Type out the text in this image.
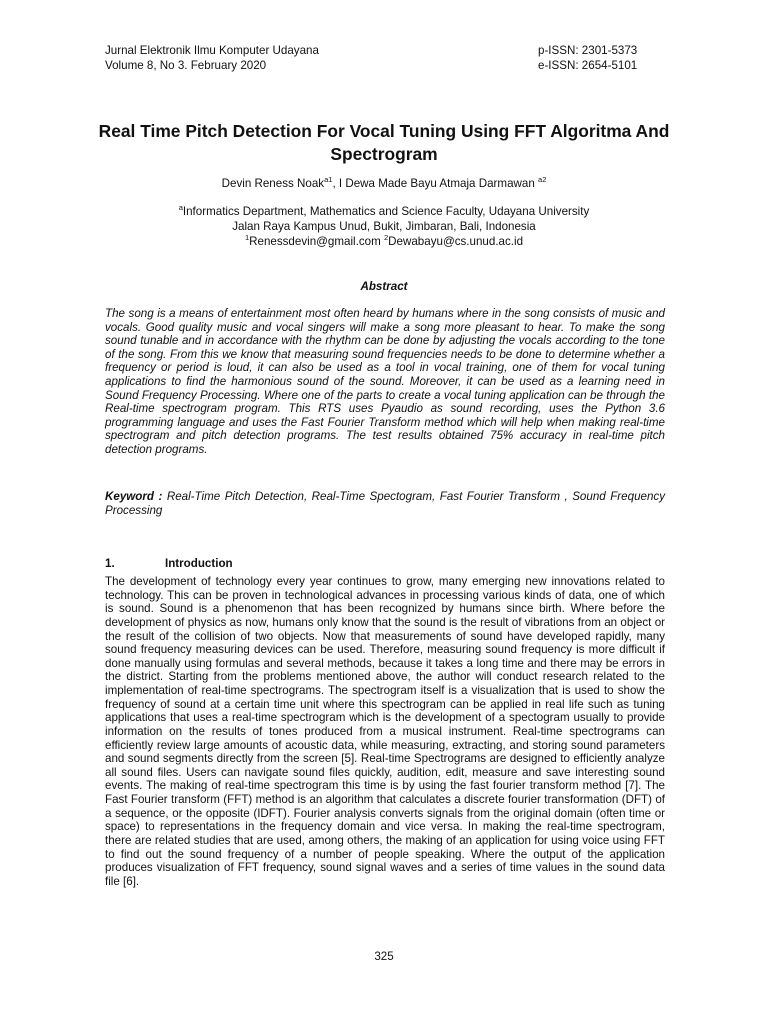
Jurnal Elektronik Ilmu Komputer Udayana	p-ISSN: 2301-5373
Volume 8, No 3. February 2020	e-ISSN: 2654-5101
Real Time Pitch Detection For Vocal Tuning Using FFT Algoritma And Spectrogram
Devin Reness Noak$^{a1}$, I Dewa Made Bayu Atmaja Darmawan $^{a2}$
$^a$Informatics Department, Mathematics and Science Faculty, Udayana University
Jalan Raya Kampus Unud, Bukit, Jimbaran, Bali, Indonesia
$^1$Renessdevin@gmail.com $^2$Dewabayu@cs.unud.ac.id
Abstract
The song is a means of entertainment most often heard by humans where in the song consists of music and vocals. Good quality music and vocal singers will make a song more pleasant to hear. To make the song sound tunable and in accordance with the rhythm can be done by adjusting the vocals according to the tone of the song. From this we know that measuring sound frequencies needs to be done to determine whether a frequency or period is loud, it can also be used as a tool in vocal training, one of them for vocal tuning applications to find the harmonious sound of the sound. Moreover, it can be used as a learning need in Sound Frequency Processing. Where one of the parts to create a vocal tuning application can be through the Real-time spectrogram program. This RTS uses Pyaudio as sound recording, uses the Python 3.6 programming language and uses the Fast Fourier Transform method which will help when making real-time spectrogram and pitch detection programs. The test results obtained 75% accuracy in real-time pitch detection programs.
Keyword : Real-Time Pitch Detection, Real-Time Spectogram, Fast Fourier Transform , Sound Frequency Processing
1.	Introduction
The development of technology every year continues to grow, many emerging new innovations related to technology. This can be proven in technological advances in processing various kinds of data, one of which is sound. Sound is a phenomenon that has been recognized by humans since birth. Where before the development of physics as now, humans only know that the sound is the result of vibrations from an object or the result of the collision of two objects. Now that measurements of sound have developed rapidly, many sound frequency measuring devices can be used. Therefore, measuring sound frequency is more difficult if done manually using formulas and several methods, because it takes a long time and there may be errors in the district. Starting from the problems mentioned above, the author will conduct research related to the implementation of real-time spectrograms. The spectrogram itself is a visualization that is used to show the frequency of sound at a certain time unit where this spectrogram can be applied in real life such as tuning applications that uses a real-time spectrogram which is the development of a spectogram usually to provide information on the results of tones produced from a musical instrument. Real-time spectrograms can efficiently review large amounts of acoustic data, while measuring, extracting, and storing sound parameters and sound segments directly from the screen [5]. Real-time Spectrograms are designed to efficiently analyze all sound files. Users can navigate sound files quickly, audition, edit, measure and save interesting sound events. The making of real-time spectrogram this time is by using the fast fourier transform method [7]. The Fast Fourier transform (FFT) method is an algorithm that calculates a discrete fourier transformation (DFT) of a sequence, or the opposite (IDFT). Fourier analysis converts signals from the original domain (often time or space) to representations in the frequency domain and vice versa. In making the real-time spectrogram, there are related studies that are used, among others, the making of an application for using voice using FFT to find out the sound frequency of a number of people speaking. Where the output of the application produces visualization of FFT frequency, sound signal waves and a series of time values in the sound data file [6].
325
